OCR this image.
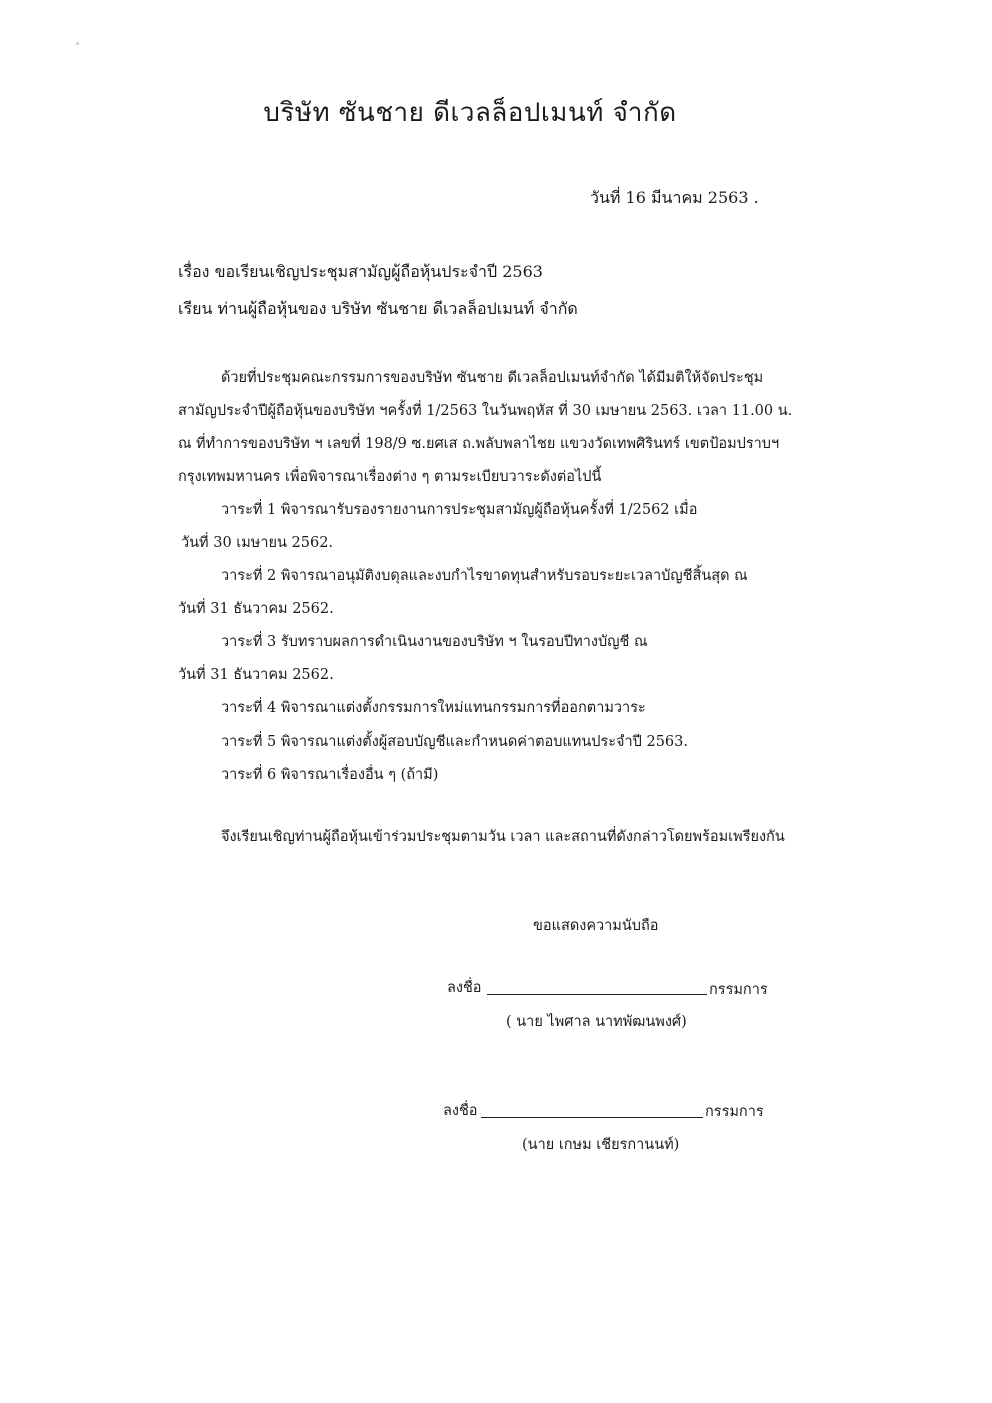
บริษัท ซันชาย ดีเวลล็อปเมนท์ จำกัด
วันที่ 16 มีนาคม 2563 .
เรื่อง ขอเรียนเชิญประชุมสามัญผู้ถือหุ้นประจำปี 2563
เรียน ท่านผู้ถือหุ้นของ บริษัท ซันชาย ดีเวลล็อปเมนท์ จำกัด
ด้วยที่ประชุมคณะกรรมการของบริษัท ซันชาย ดีเวลล็อปเมนท์จำกัด ได้มีมติให้จัดประชุม
สามัญประจำปีผู้ถือหุ้นของบริษัท ฯครั้งที่ 1/2563 ในวันพฤหัส ที่ 30 เมษายน 2563. เวลา 11.00 น.
ณ ที่ทำการของบริษัท ฯ เลขที่ 198/9 ซ.ยศเส ถ.พลับพลาไชย แขวงวัดเทพศิรินทร์ เขตป้อมปราบฯ
กรุงเทพมหานคร เพื่อพิจารณาเรื่องต่าง ๆ ตามระเบียบวาระดังต่อไปนี้
วาระที่ 1 พิจารณารับรองรายงานการประชุมสามัญผู้ถือหุ้นครั้งที่ 1/2562 เมื่อ
วันที่ 30 เมษายน 2562.
วาระที่ 2 พิจารณาอนุมัติงบดุลและงบกำไรขาดทุนสำหรับรอบระยะเวลาบัญชีสิ้นสุด ณ
วันที่ 31 ธันวาคม 2562.
วาระที่ 3 รับทราบผลการดำเนินงานของบริษัท ฯ ในรอบปีทางบัญชี ณ
วันที่ 31 ธันวาคม 2562.
วาระที่ 4 พิจารณาแต่งตั้งกรรมการใหม่แทนกรรมการที่ออกตามวาระ
วาระที่ 5 พิจารณาแต่งตั้งผู้สอบบัญชีและกำหนดค่าตอบแทนประจำปี 2563.
วาระที่ 6 พิจารณาเรื่องอื่น ๆ (ถ้ามี)
จึงเรียนเชิญท่านผู้ถือหุ้นเข้าร่วมประชุมตามวัน เวลา และสถานที่ดังกล่าวโดยพร้อมเพรียงกัน
ขอแสดงความนับถือ
ลงชื่อ	กรรมการ
( นาย ไพศาล นาทพัฒนพงศ์)
ลงชื่อ	กรรมการ
(นาย เกษม เชียรกานนท์)
